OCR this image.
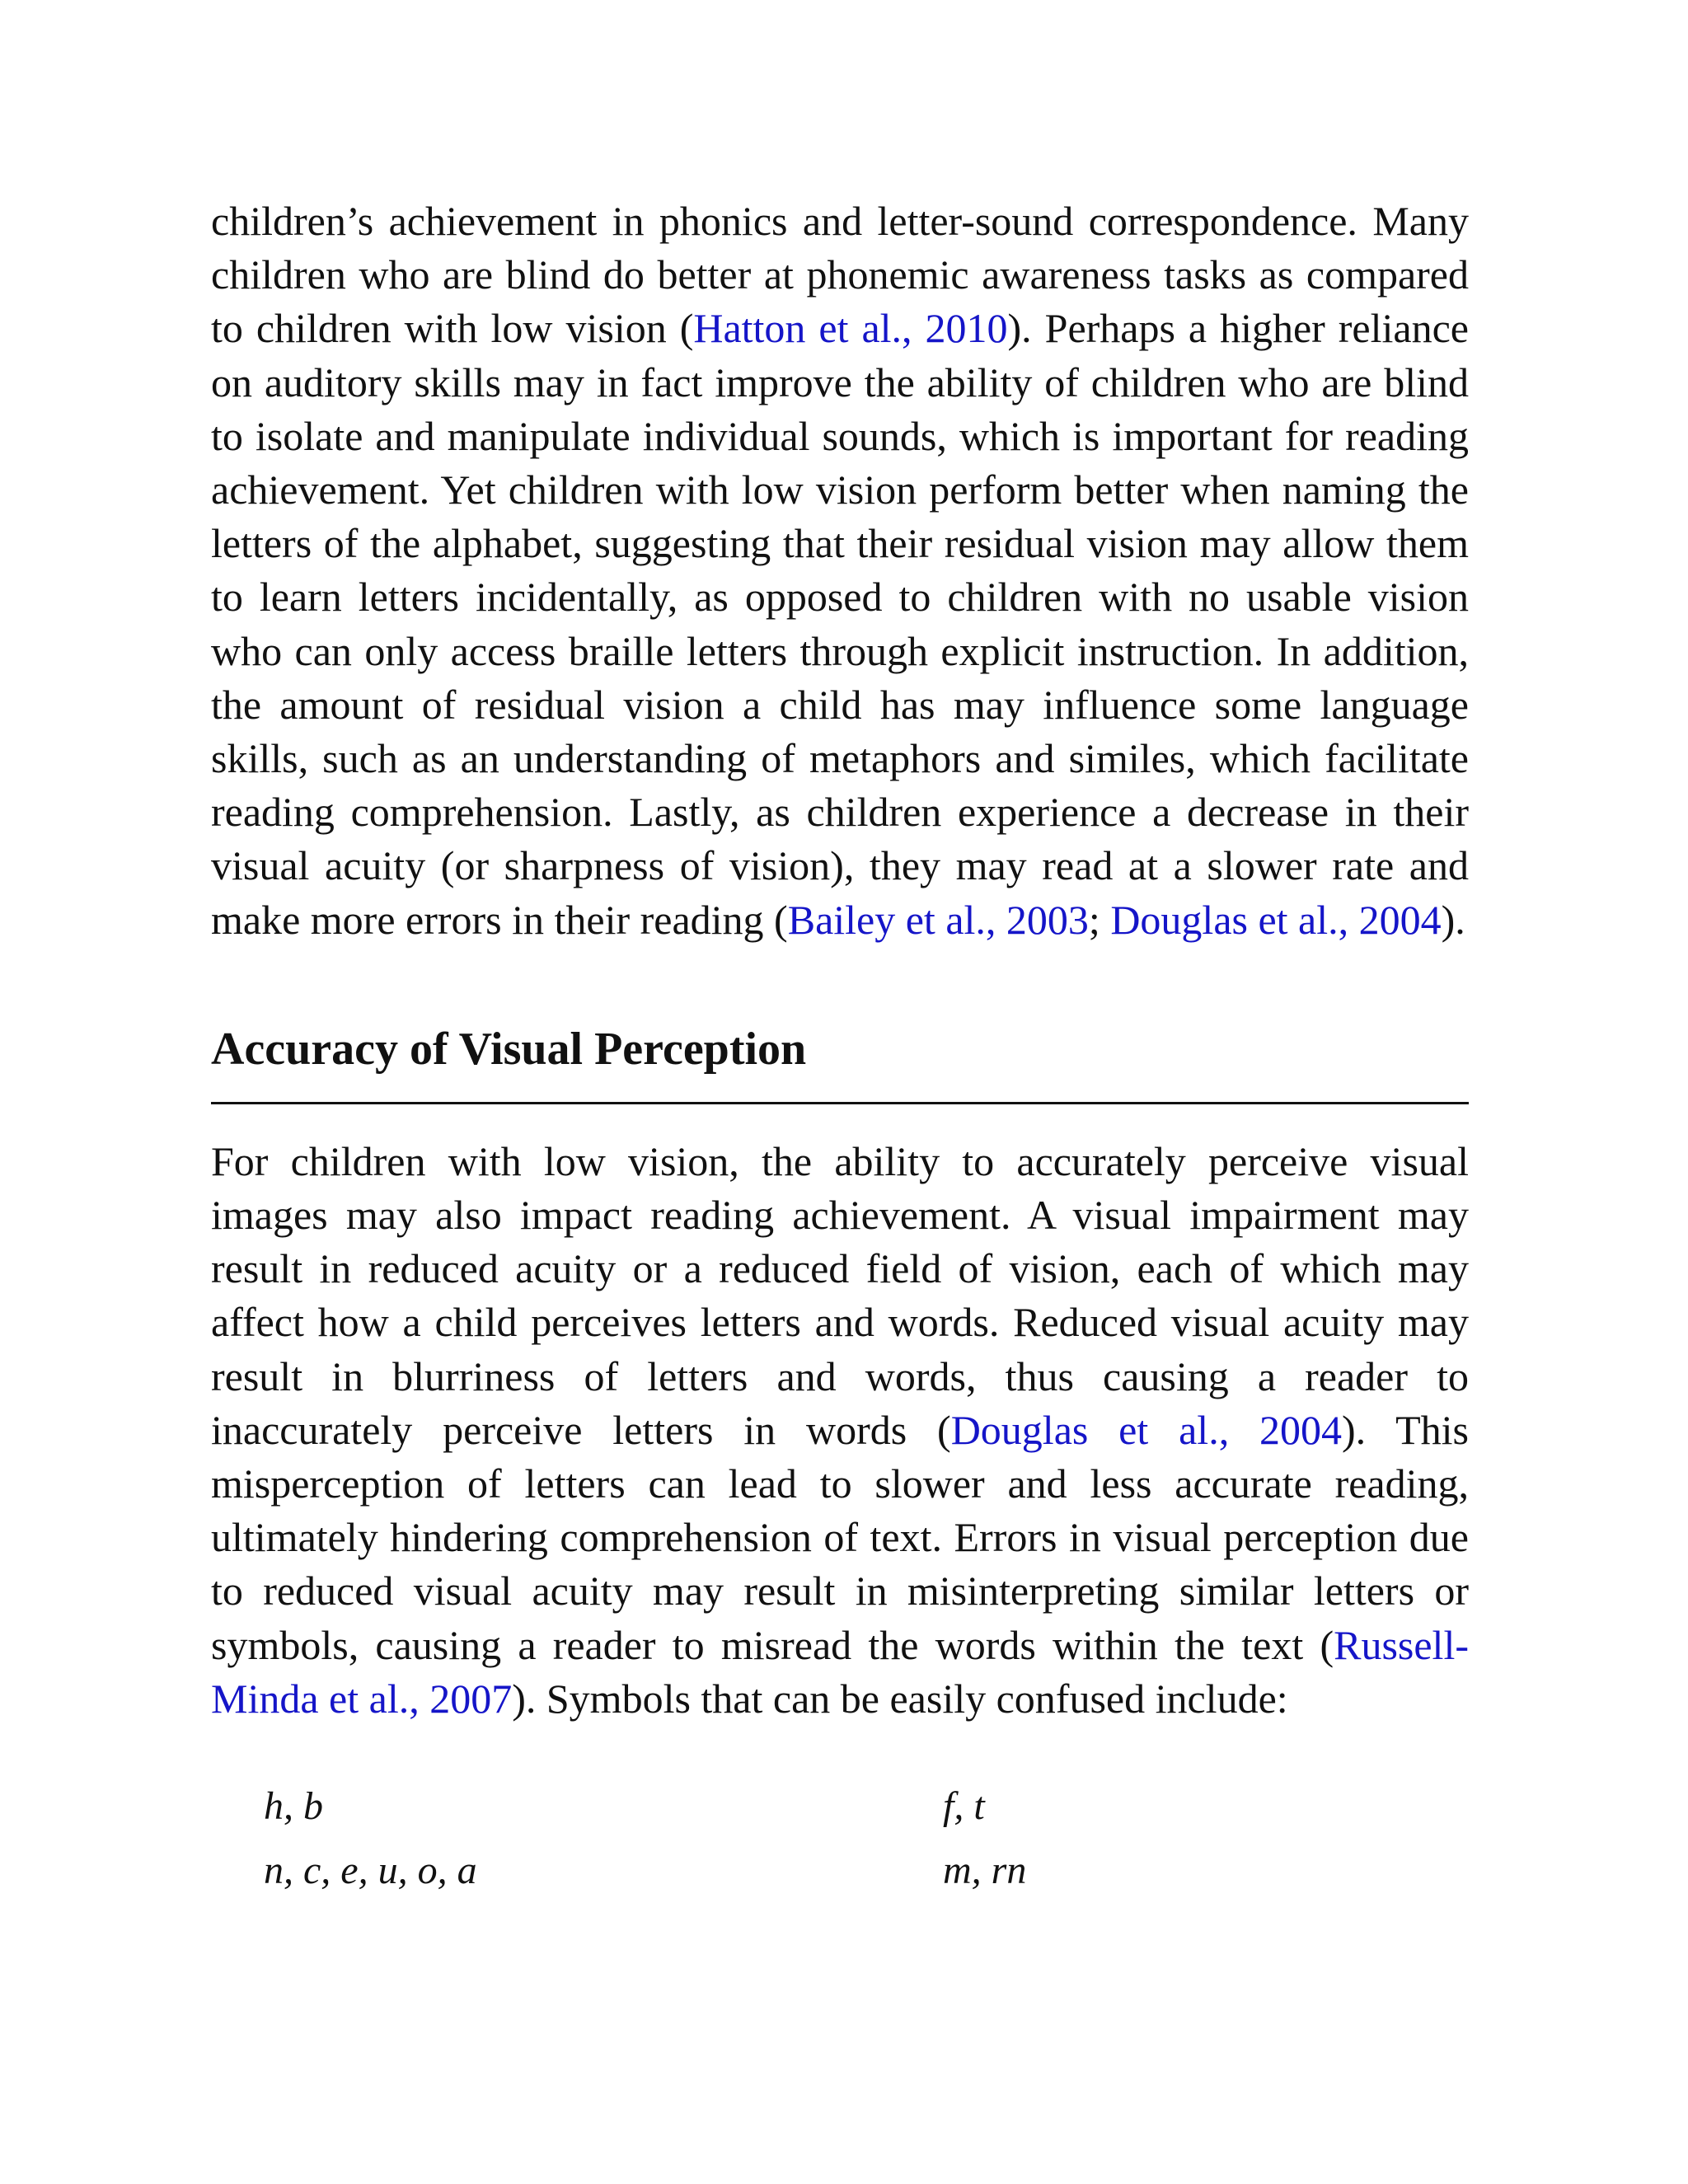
children’s achievement in phonics and letter-sound correspondence. Many children who are blind do better at phonemic awareness tasks as compared to children with low vision (Hatton et al., 2010). Perhaps a higher reliance on auditory skills may in fact improve the ability of children who are blind to isolate and manipulate individual sounds, which is important for reading achievement. Yet children with low vision perform better when naming the letters of the alphabet, suggesting that their residual vision may allow them to learn letters incidentally, as opposed to children with no usable vision who can only access braille letters through explicit instruction. In addition, the amount of residual vision a child has may influence some language skills, such as an understanding of metaphors and similes, which facilitate reading comprehension. Lastly, as children experience a decrease in their visual acuity (or sharpness of vision), they may read at a slower rate and make more errors in their reading (Bailey et al., 2003; Douglas et al., 2004).

Accuracy of Visual Perception

For children with low vision, the ability to accurately perceive visual images may also impact reading achievement. A visual impairment may result in reduced acuity or a reduced field of vision, each of which may affect how a child perceives letters and words. Reduced visual acuity may result in blurriness of letters and words, thus causing a reader to inaccurately perceive letters in words (Douglas et al., 2004). This misperception of letters can lead to slower and less accurate reading, ultimately hindering comprehension of text. Errors in visual perception due to reduced visual acuity may result in misinterpreting similar letters or symbols, causing a reader to misread the words within the text (Russell-Minda et al., 2007). Symbols that can be easily confused include:

h, b	f, t
n, c, e, u, o, a	m, rn
